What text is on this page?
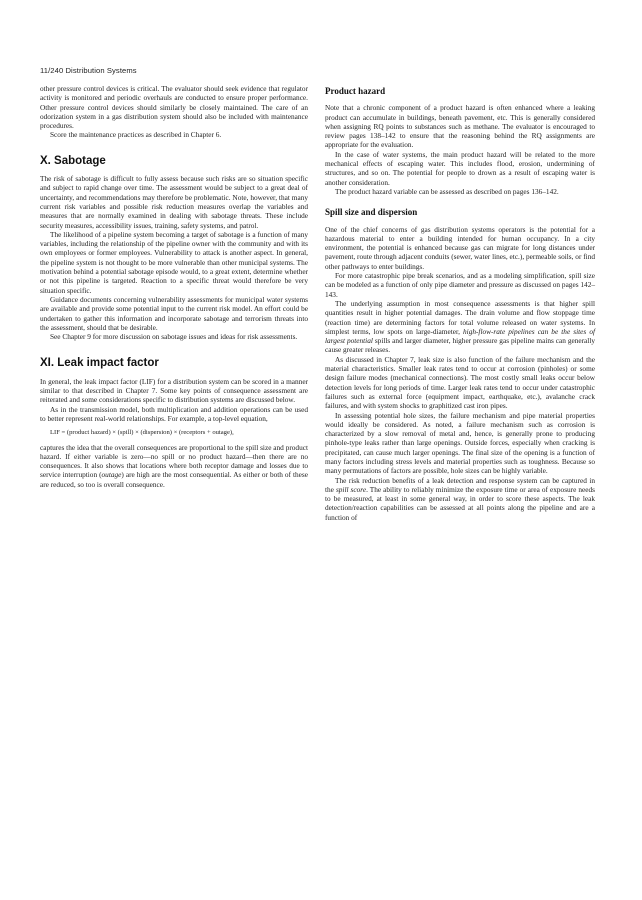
11/240 Distribution Systems

other pressure control devices is critical. The evaluator should seek evidence that regulator activity is monitored and periodic overhauls are conducted to ensure proper performance. Other pressure control devices should similarly be closely maintained. The care of an odorization system in a gas distribution system should also be included with maintenance procedures.

Score the maintenance practices as described in Chapter 6.

X. Sabotage

The risk of sabotage is difficult to fully assess because such risks are so situation specific and subject to rapid change over time. The assessment would be subject to a great deal of uncertainty, and recommendations may therefore be problematic. Note, however, that many current risk variables and possible risk reduction measures overlap the variables and measures that are normally examined in dealing with sabotage threats. These include security measures, accessibility issues, training, safety systems, and patrol.

The likelihood of a pipeline system becoming a target of sabotage is a function of many variables, including the relationship of the pipeline owner with the community and with its own employees or former employees. Vulnerability to attack is another aspect. In general, the pipeline system is not thought to be more vulnerable than other municipal systems. The motivation behind a potential sabotage episode would, to a great extent, determine whether or not this pipeline is targeted. Reaction to a specific threat would therefore be very situation specific.

Guidance documents concerning vulnerability assessments for municipal water systems are available and provide some potential input to the current risk model. An effort could be undertaken to gather this information and incorporate sabotage and terrorism threats into the assessment, should that be desirable.

See Chapter 9 for more discussion on sabotage issues and ideas for risk assessments.

XI. Leak impact factor

In general, the leak impact factor (LIF) for a distribution system can be scored in a manner similar to that described in Chapter 7. Some key points of consequence assessment are reiterated and some considerations specific to distribution systems are discussed below.

As in the transmission model, both multiplication and addition operations can be used to better represent real-world relationships. For example, a top-level equation,

LIF = (product hazard) × (spill) × (dispersion) × (receptors + outage),

captures the idea that the overall consequences are proportional to the spill size and product hazard. If either variable is zero—no spill or no product hazard—then there are no consequences. It also shows that locations where both receptor damage and losses due to service interruption (outage) are high are the most consequential. As either or both of these are reduced, so too is overall consequence.

Product hazard

Note that a chronic component of a product hazard is often enhanced where a leaking product can accumulate in buildings, beneath pavement, etc. This is generally considered when assigning RQ points to substances such as methane. The evaluator is encouraged to review pages 138–142 to ensure that the reasoning behind the RQ assignments are appropriate for the evaluation.

In the case of water systems, the main product hazard will be related to the more mechanical effects of escaping water. This includes flood, erosion, undermining of structures, and so on. The potential for people to drown as a result of escaping water is another consideration.

The product hazard variable can be assessed as described on pages 136–142.

Spill size and dispersion

One of the chief concerns of gas distribution systems operators is the potential for a hazardous material to enter a building intended for human occupancy. In a city environment, the potential is enhanced because gas can migrate for long distances under pavement, route through adjacent conduits (sewer, water lines, etc.), permeable soils, or find other pathways to enter buildings.

For more catastrophic pipe break scenarios, and as a modeling simplification, spill size can be modeled as a function of only pipe diameter and pressure as discussed on pages 142–143.

The underlying assumption in most consequence assessments is that higher spill quantities result in higher potential damages. The drain volume and flow stoppage time (reaction time) are determining factors for total volume released on water systems. In simplest terms, low spots on large-diameter, high-flow-rate pipelines can be the sites of largest potential spills and larger diameter, higher pressure gas pipeline mains can generally cause greater releases.

As discussed in Chapter 7, leak size is also function of the failure mechanism and the material characteristics. Smaller leak rates tend to occur at corrosion (pinholes) or some design failure modes (mechanical connections). The most costly small leaks occur below detection levels for long periods of time. Larger leak rates tend to occur under catastrophic failures such as external force (equipment impact, earthquake, etc.), avalanche crack failures, and with system shocks to graphitized cast iron pipes.

In assessing potential hole sizes, the failure mechanism and pipe material properties would ideally be considered. As noted, a failure mechanism such as corrosion is characterized by a slow removal of metal and, hence, is generally prone to producing pinhole-type leaks rather than large openings. Outside forces, especially when cracking is precipitated, can cause much larger openings. The final size of the opening is a function of many factors including stress levels and material properties such as toughness. Because so many permutations of factors are possible, hole sizes can be highly variable.

The risk reduction benefits of a leak detection and response system can be captured in the spill score. The ability to reliably minimize the exposure time or area of exposure needs to be measured, at least in some general way, in order to score these aspects. The leak detection/reaction capabilities can be assessed at all points along the pipeline and are a function of
